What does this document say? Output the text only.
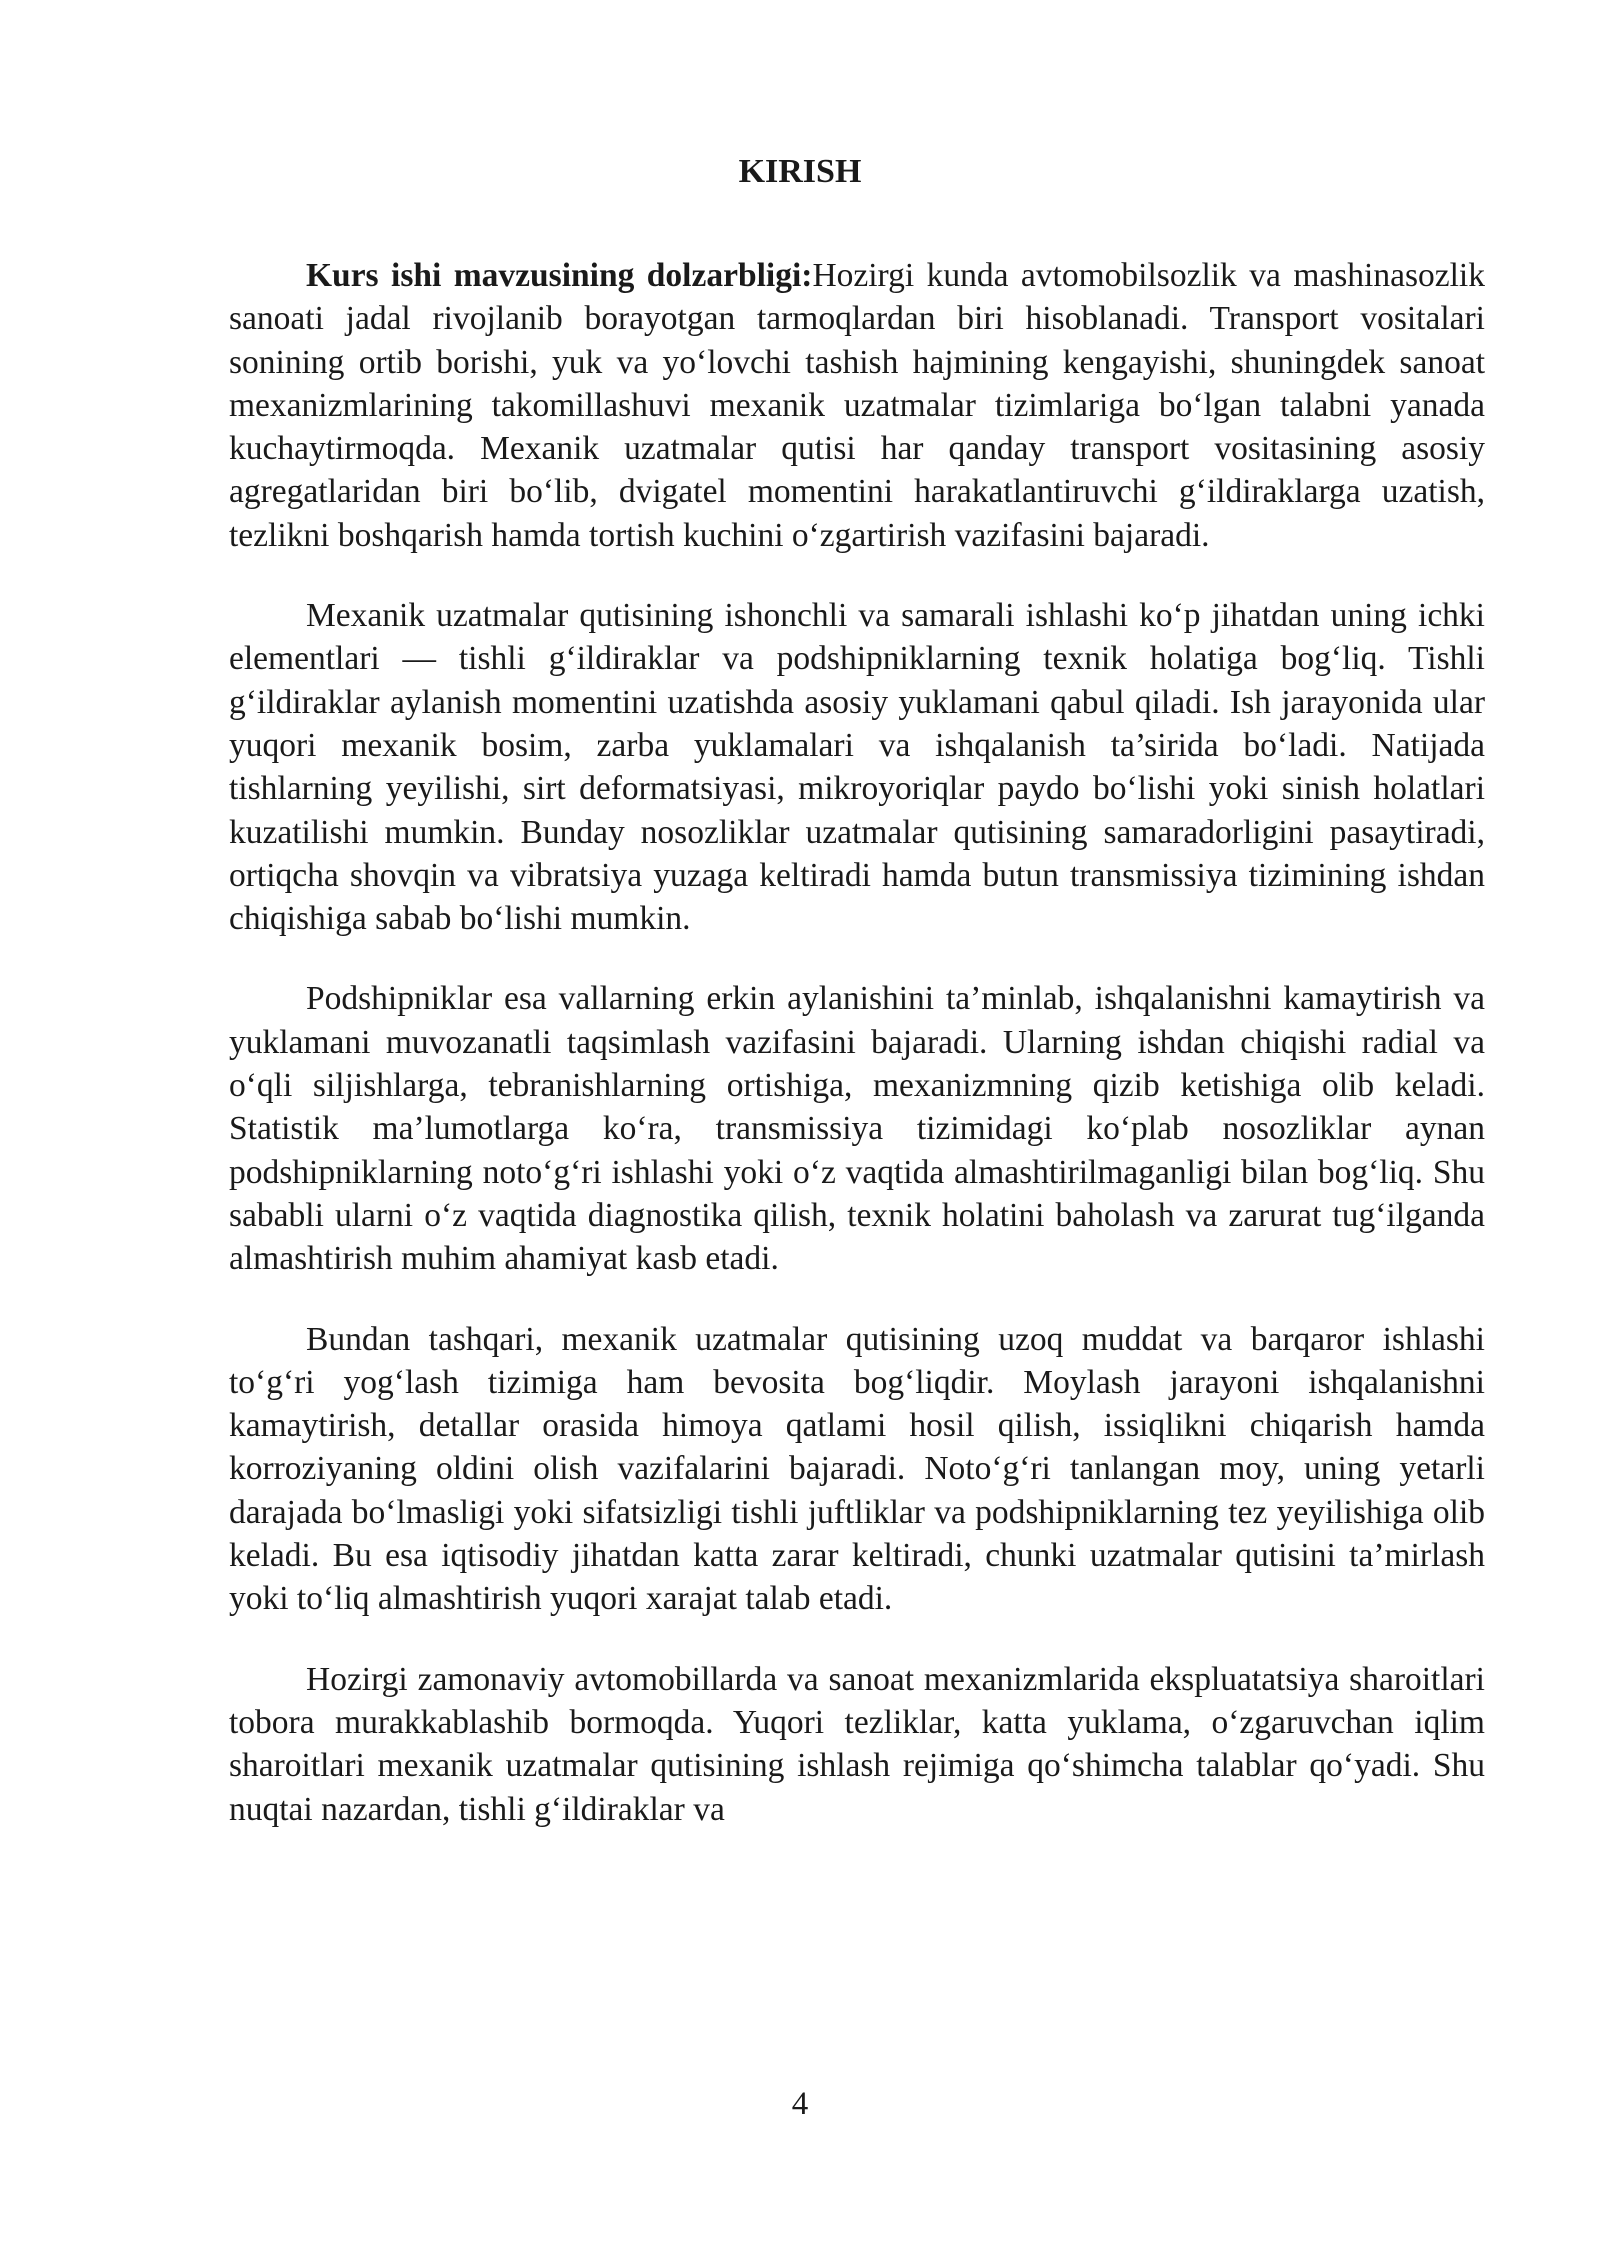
KIRISH

Kurs ishi mavzusining dolzarbligi:Hozirgi kunda avtomobilsozlik va mashinasozlik sanoati jadal rivojlanib borayotgan tarmoqlardan biri hisoblanadi. Transport vositalari sonining ortib borishi, yuk va yo‘lovchi tashish hajmining kengayishi, shuningdek sanoat mexanizmlarining takomillashuvi mexanik uzatmalar tizimlariga bo‘lgan talabni yanada kuchaytirmoqda. Mexanik uzatmalar qutisi har qanday transport vositasining asosiy agregatlaridan biri bo‘lib, dvigatel momentini harakatlantiruvchi g‘ildiraklarga uzatish, tezlikni boshqarish hamda tortish kuchini o‘zgartirish vazifasini bajaradi.

Mexanik uzatmalar qutisining ishonchli va samarali ishlashi ko‘p jihatdan uning ichki elementlari — tishli g‘ildiraklar va podshipniklarning texnik holatiga bog‘liq. Tishli g‘ildiraklar aylanish momentini uzatishda asosiy yuklamani qabul qiladi. Ish jarayonida ular yuqori mexanik bosim, zarba yuklamalari va ishqalanish ta’sirida bo‘ladi. Natijada tishlarning yeyilishi, sirt deformatsiyasi, mikroyoriqlar paydo bo‘lishi yoki sinish holatlari kuzatilishi mumkin. Bunday nosozliklar uzatmalar qutisining samaradorligini pasaytiradi, ortiqcha shovqin va vibratsiya yuzaga keltiradi hamda butun transmissiya tizimining ishdan chiqishiga sabab bo‘lishi mumkin.

Podshipniklar esa vallarning erkin aylanishini ta’minlab, ishqalanishni kamaytirish va yuklamani muvozanatli taqsimlash vazifasini bajaradi. Ularning ishdan chiqishi radial va o‘qli siljishlarga, tebranishlarning ortishiga, mexanizmning qizib ketishiga olib keladi. Statistik ma’lumotlarga ko‘ra, transmissiya tizimidagi ko‘plab nosozliklar aynan podshipniklarning noto‘g‘ri ishlashi yoki o‘z vaqtida almashtirilmaganligi bilan bog‘liq. Shu sababli ularni o‘z vaqtida diagnostika qilish, texnik holatini baholash va zarurat tug‘ilganda almashtirish muhim ahamiyat kasb etadi.

Bundan tashqari, mexanik uzatmalar qutisining uzoq muddat va barqaror ishlashi to‘g‘ri yog‘lash tizimiga ham bevosita bog‘liqdir. Moylash jarayoni ishqalanishni kamaytirish, detallar orasida himoya qatlami hosil qilish, issiqlikni chiqarish hamda korroziyaning oldini olish vazifalarini bajaradi. Noto‘g‘ri tanlangan moy, uning yetarli darajada bo‘lmasligi yoki sifatsizligi tishli juftliklar va podshipniklarning tez yeyilishiga olib keladi. Bu esa iqtisodiy jihatdan katta zarar keltiradi, chunki uzatmalar qutisini ta’mirlash yoki to‘liq almashtirish yuqori xarajat talab etadi.

Hozirgi zamonaviy avtomobillarda va sanoat mexanizmlarida ekspluatatsiya sharoitlari tobora murakkablashib bormoqda. Yuqori tezliklar, katta yuklama, o‘zgaruvchan iqlim sharoitlari mexanik uzatmalar qutisining ishlash rejimiga qo‘shimcha talablar qo‘yadi. Shu nuqtai nazardan, tishli g‘ildiraklar va

4
